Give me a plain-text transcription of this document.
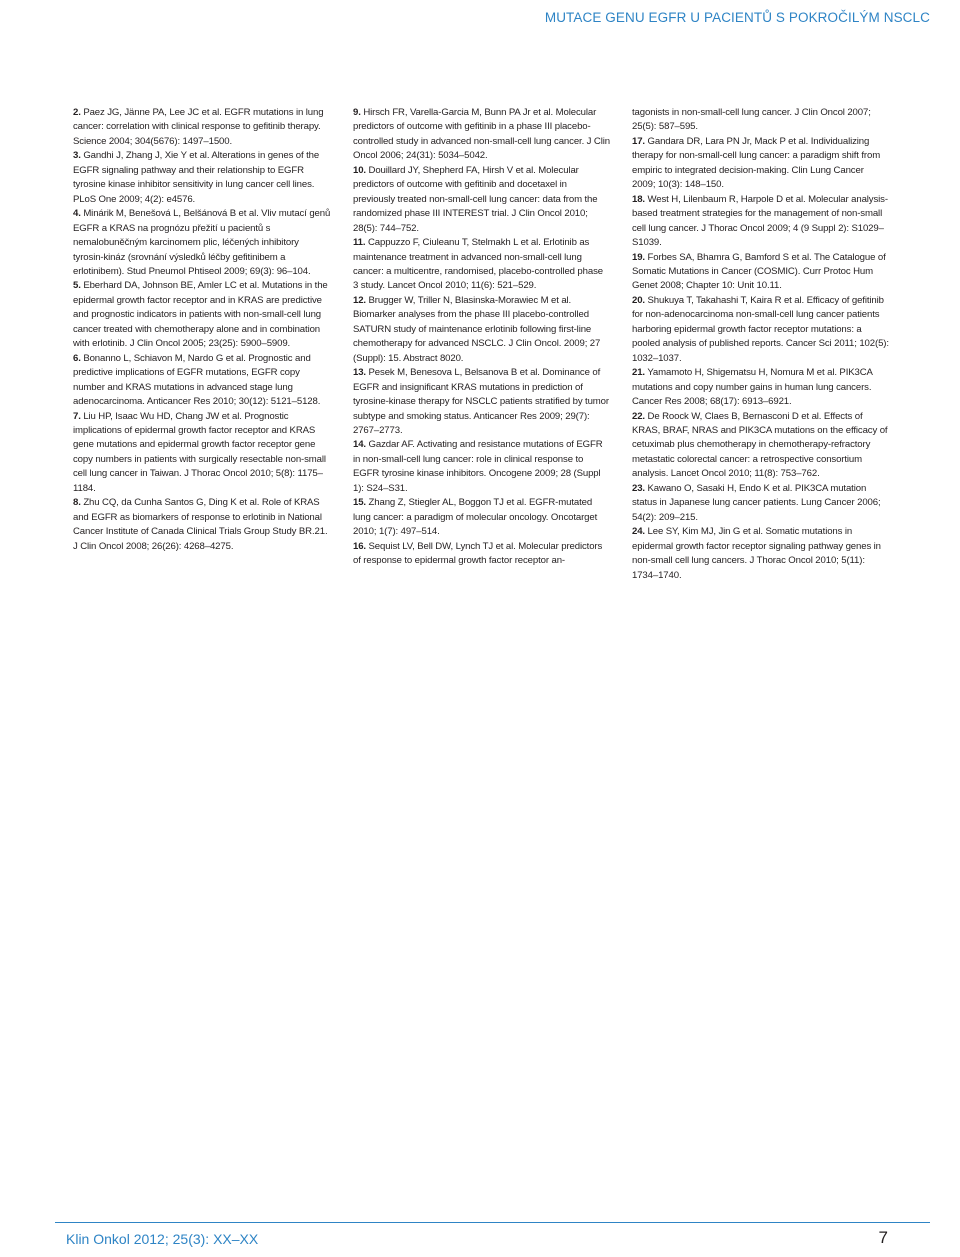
MUTACE GENU EGFR U PACIENTŮ S POKROČILÝM NSCLC

2. Paez JG, Jänne PA, Lee JC et al. EGFR mutations in lung cancer: correlation with clinical response to gefitinib therapy. Science 2004; 304(5676): 1497–1500.

3. Gandhi J, Zhang J, Xie Y et al. Alterations in genes of the EGFR signaling pathway and their relationship to EGFR tyrosine kinase inhibitor sensitivity in lung cancer cell lines. PLoS One 2009; 4(2): e4576.

4. Minárik M, Benešová L, Belšánová B et al. Vliv mutací genů EGFR a KRAS na prognózu přežití u pacientů s nemalobuněčným karcinomem plic, léčených inhibitory tyrosin-kináz (srovnání výsledků léčby gefitinibem a erlotinibem). Stud Pneumol Phtiseol 2009; 69(3): 96–104.

5. Eberhard DA, Johnson BE, Amler LC et al. Mutations in the epidermal growth factor receptor and in KRAS are predictive and prognostic indicators in patients with non-small-cell lung cancer treated with chemotherapy alone and in combination with erlotinib. J Clin Oncol 2005; 23(25): 5900–5909.

6. Bonanno L, Schiavon M, Nardo G et al. Prognostic and predictive implications of EGFR mutations, EGFR copy number and KRAS mutations in advanced stage lung adenocarcinoma. Anticancer Res 2010; 30(12): 5121–5128.

7. Liu HP, Isaac Wu HD, Chang JW et al. Prognostic implications of epidermal growth factor receptor and KRAS gene mutations and epidermal growth factor receptor gene copy numbers in patients with surgically resectable non-small cell lung cancer in Taiwan. J Thorac Oncol 2010; 5(8): 1175–1184.

8. Zhu CQ, da Cunha Santos G, Ding K et al. Role of KRAS and EGFR as biomarkers of response to erlotinib in National Cancer Institute of Canada Clinical Trials Group Study BR.21. J Clin Oncol 2008; 26(26): 4268–4275.

9. Hirsch FR, Varella-Garcia M, Bunn PA Jr et al. Molecular predictors of outcome with gefitinib in a phase III placebo-controlled study in advanced non-small-cell lung cancer. J Clin Oncol 2006; 24(31): 5034–5042.

10. Douillard JY, Shepherd FA, Hirsh V et al. Molecular predictors of outcome with gefitinib and docetaxel in previously treated non-small-cell lung cancer: data from the randomized phase III INTEREST trial. J Clin Oncol 2010; 28(5): 744–752.

11. Cappuzzo F, Ciuleanu T, Stelmakh L et al. Erlotinib as maintenance treatment in advanced non-small-cell lung cancer: a multicentre, randomised, placebo-controlled phase 3 study. Lancet Oncol 2010; 11(6): 521–529.

12. Brugger W, Triller N, Blasinska-Morawiec M et al. Biomarker analyses from the phase III placebo-controlled SATURN study of maintenance erlotinib following first-line chemotherapy for advanced NSCLC. J Clin Oncol. 2009; 27 (Suppl): 15. Abstract 8020.

13. Pesek M, Benesova L, Belsanova B et al. Dominance of EGFR and insignificant KRAS mutations in prediction of tyrosine-kinase therapy for NSCLC patients stratified by tumor subtype and smoking status. Anticancer Res 2009; 29(7): 2767–2773.

14. Gazdar AF. Activating and resistance mutations of EGFR in non-small-cell lung cancer: role in clinical response to EGFR tyrosine kinase inhibitors. Oncogene 2009; 28 (Suppl 1): S24–S31.

15. Zhang Z, Stiegler AL, Boggon TJ et al. EGFR-mutated lung cancer: a paradigm of molecular oncology. Oncotarget 2010; 1(7): 497–514.

16. Sequist LV, Bell DW, Lynch TJ et al. Molecular predictors of response to epidermal growth factor receptor an-

tagonists in non-small-cell lung cancer. J Clin Oncol 2007; 25(5): 587–595.

17. Gandara DR, Lara PN Jr, Mack P et al. Individualizing therapy for non-small-cell lung cancer: a paradigm shift from empiric to integrated decision-making. Clin Lung Cancer 2009; 10(3): 148–150.

18. West H, Lilenbaum R, Harpole D et al. Molecular analysis-based treatment strategies for the management of non-small cell lung cancer. J Thorac Oncol 2009; 4 (9 Suppl 2): S1029–S1039.

19. Forbes SA, Bhamra G, Bamford S et al. The Catalogue of Somatic Mutations in Cancer (COSMIC). Curr Protoc Hum Genet 2008; Chapter 10: Unit 10.11.

20. Shukuya T, Takahashi T, Kaira R et al. Efficacy of gefitinib for non-adenocarcinoma non-small-cell lung cancer patients harboring epidermal growth factor receptor mutations: a pooled analysis of published reports. Cancer Sci 2011; 102(5): 1032–1037.

21. Yamamoto H, Shigematsu H, Nomura M et al. PIK3CA mutations and copy number gains in human lung cancers. Cancer Res 2008; 68(17): 6913–6921.

22. De Roock W, Claes B, Bernasconi D et al. Effects of KRAS, BRAF, NRAS and PIK3CA mutations on the efficacy of cetuximab plus chemotherapy in chemotherapy-refractory metastatic colorectal cancer: a retrospective consortium analysis. Lancet Oncol 2010; 11(8): 753–762.

23. Kawano O, Sasaki H, Endo K et al. PIK3CA mutation status in Japanese lung cancer patients. Lung Cancer 2006; 54(2): 209–215.

24. Lee SY, Kim MJ, Jin G et al. Somatic mutations in epidermal growth factor receptor signaling pathway genes in non-small cell lung cancers. J Thorac Oncol 2010; 5(11): 1734–1740.

Klin Onkol 2012; 25(3): XX–XX	7
